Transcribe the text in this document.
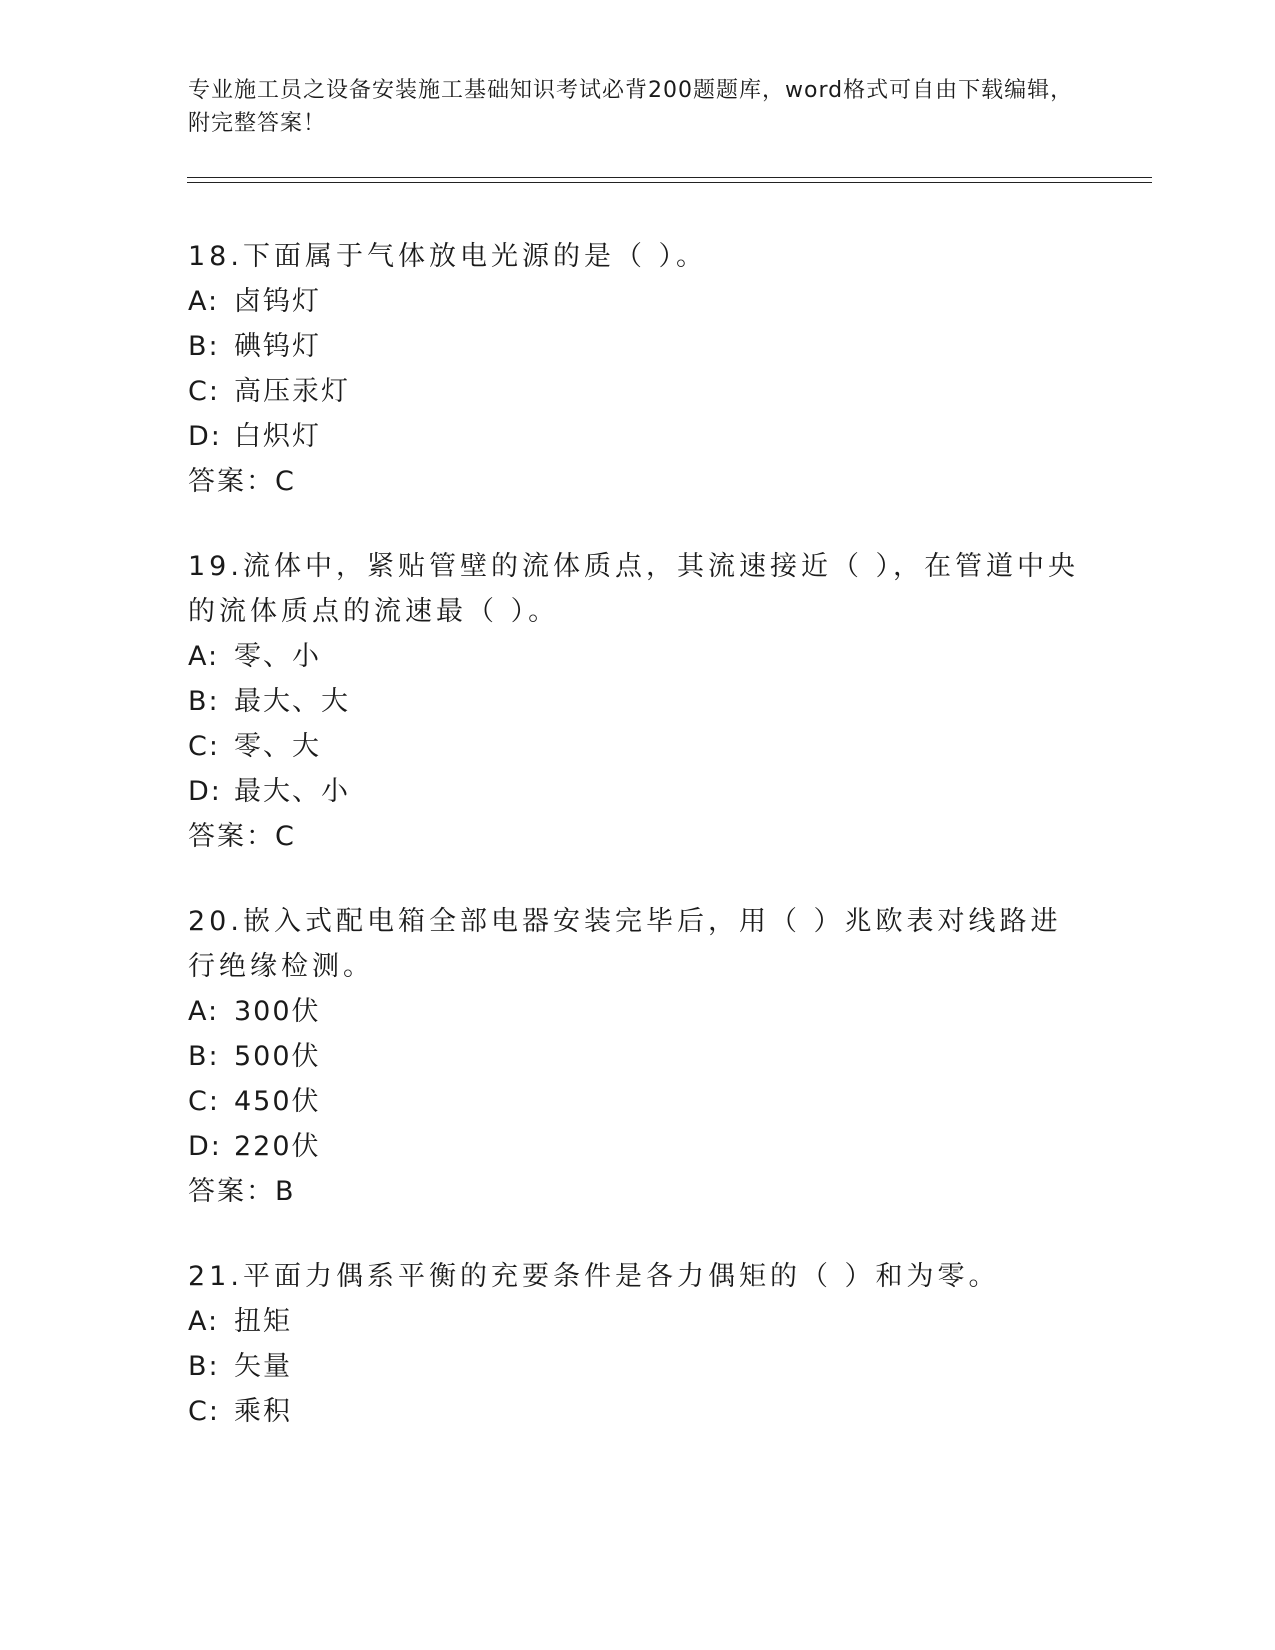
专业施工员之设备安装施工基础知识考试必背200题题库，word格式可自由下载编辑，附完整答案！

18.下面属于气体放电光源的是（ ）。

A: 卤钨灯

B: 碘钨灯

C: 高压汞灯

D: 白炽灯

答案：C

19.流体中，紧贴管壁的流体质点，其流速接近（ ），在管道中央的流体质点的流速最（ ）。

A: 零、小

B: 最大、大

C: 零、大

D: 最大、小

答案：C

20.嵌入式配电箱全部电器安装完毕后，用（ ）兆欧表对线路进行绝缘检测。

A: 300伏

B: 500伏

C: 450伏

D: 220伏

答案：B

21.平面力偶系平衡的充要条件是各力偶矩的（ ）和为零。

A: 扭矩

B: 矢量

C: 乘积
